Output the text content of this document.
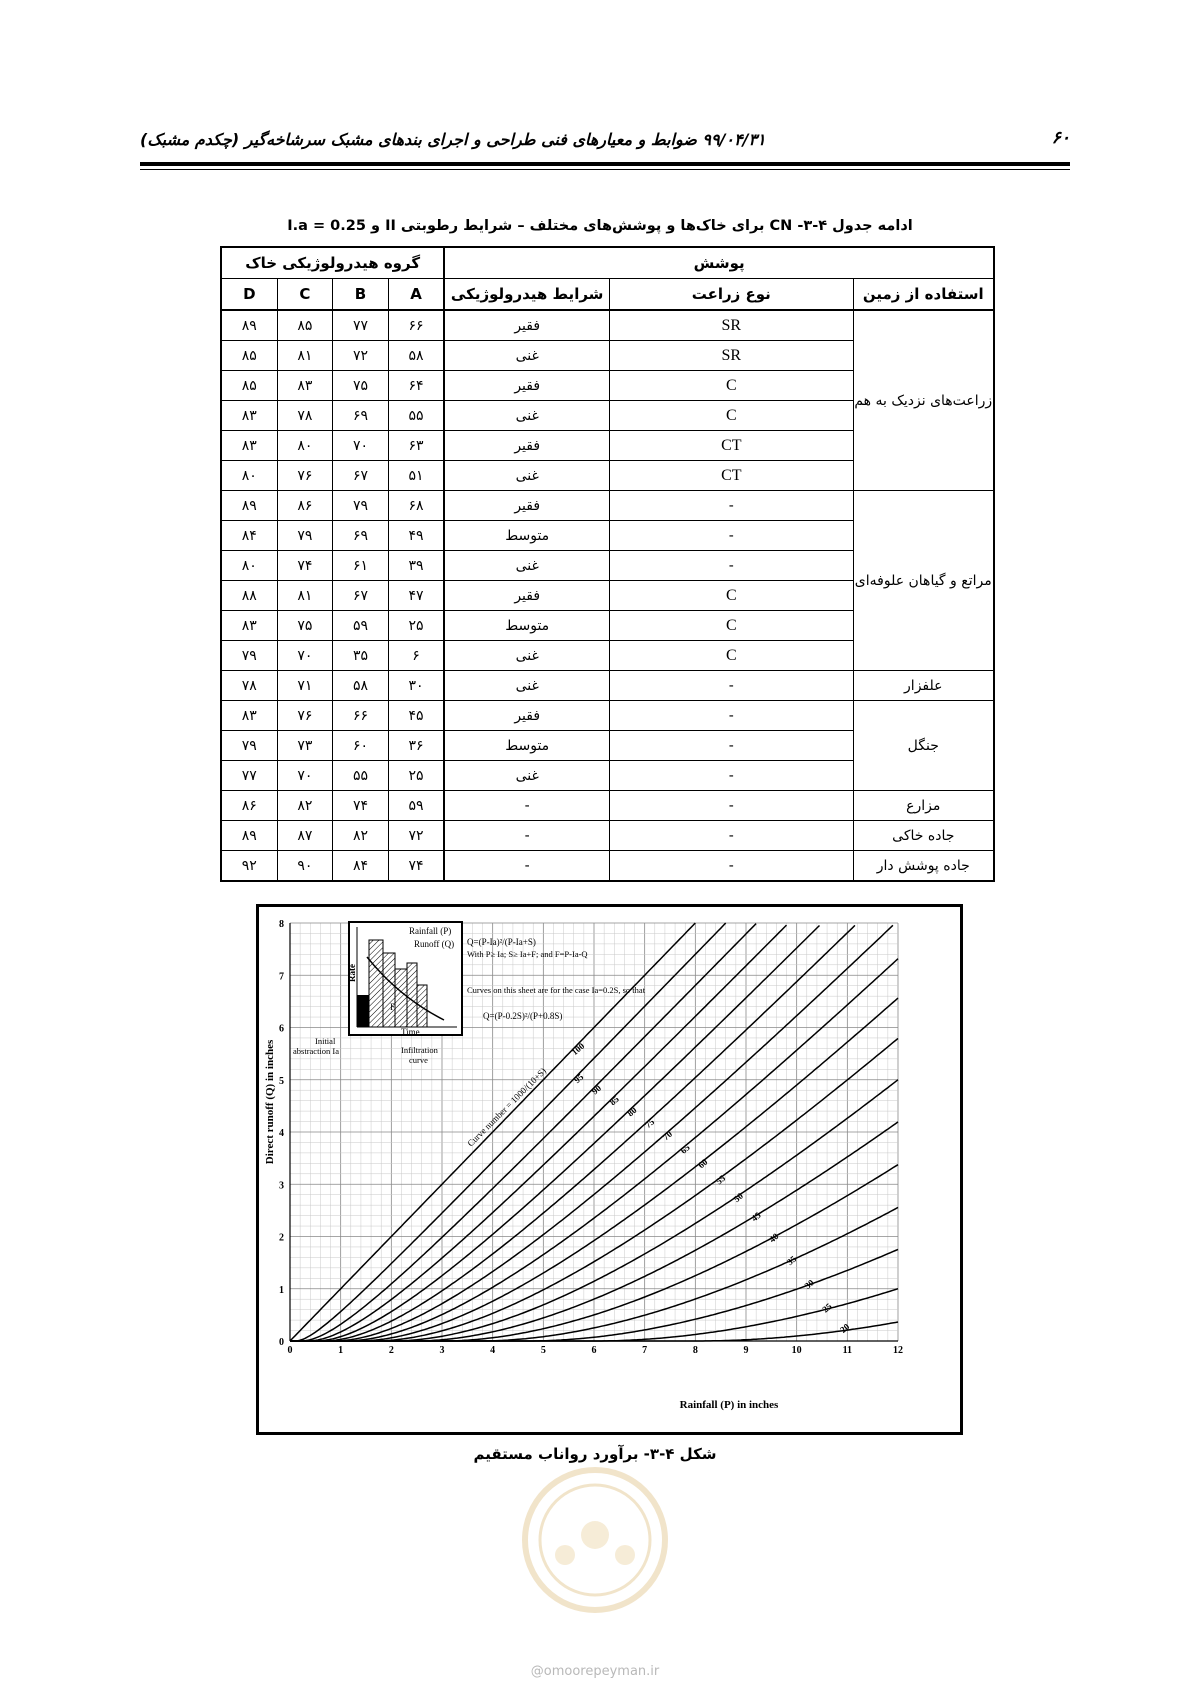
۶۰
۹۹/۰۴/۳۱ ضوابط و معیارهای فنی طراحی و اجرای بندهای مشبک سرشاخه‌گیر (چکدم مشبک)
ادامه جدول ۴-۳- CN برای خاک‌ها و پوشش‌های مختلف – شرایط رطوبتی II و I.a = 0.25
پوشش			گروه هیدرولوژیکی خاک			
استفاده از زمین	نوع زراعت	شرایط هیدرولوژیکی	A	B	C	D
زراعت‌های نزدیک به هم	SR	فقیر	۶۶	۷۷	۸۵	۸۹
	SR	غنی	۵۸	۷۲	۸۱	۸۵
	C	فقیر	۶۴	۷۵	۸۳	۸۵
	C	غنی	۵۵	۶۹	۷۸	۸۳
	CT	فقیر	۶۳	۷۰	۸۰	۸۳
	CT	غنی	۵۱	۶۷	۷۶	۸۰
مراتع و گیاهان علوفه‌ای	-	فقیر	۶۸	۷۹	۸۶	۸۹
	-	متوسط	۴۹	۶۹	۷۹	۸۴
	-	غنی	۳۹	۶۱	۷۴	۸۰
	C	فقیر	۴۷	۶۷	۸۱	۸۸
	C	متوسط	۲۵	۵۹	۷۵	۸۳
	C	غنی	۶	۳۵	۷۰	۷۹
علفزار	-	غنی	۳۰	۵۸	۷۱	۷۸
جنگل	-	فقیر	۴۵	۶۶	۷۶	۸۳
	-	متوسط	۳۶	۶۰	۷۳	۷۹
	-	غنی	۲۵	۵۵	۷۰	۷۷
مزارع	-	-	۵۹	۷۴	۸۲	۸۶
جاده خاکی	-	-	۷۲	۸۲	۸۷	۸۹
جاده پوشش دار	-	-	۷۴	۸۴	۹۰	۹۲
0	1	2	3	4	5	6	7	8	9	10	11	12
0
1
2
3
4
5
6
7
8
Rainfall (P) in inches
Direct runoff (Q) in inches
Rainfall (P)
Runoff (Q)
Rate
F
Time
Initial abstraction Ia	Infiltration curve
Q=(P-Ia)²/(P-Ia+S)
With P≥ Ia; S≥ Ia+F; and F=P-Ia-Q
Curves on this sheet are for the case Ia=0.2S, so that
Q=(P-0.2S)²/(P+0.8S)
Curve number = 1000/(10+S)
100
95
90
85
80
75
70
65
60
55
50
45
40
35
30
25
20
شکل ۴-۳- برآورد رواناب مستقیم
@omoorepeyman.ir
